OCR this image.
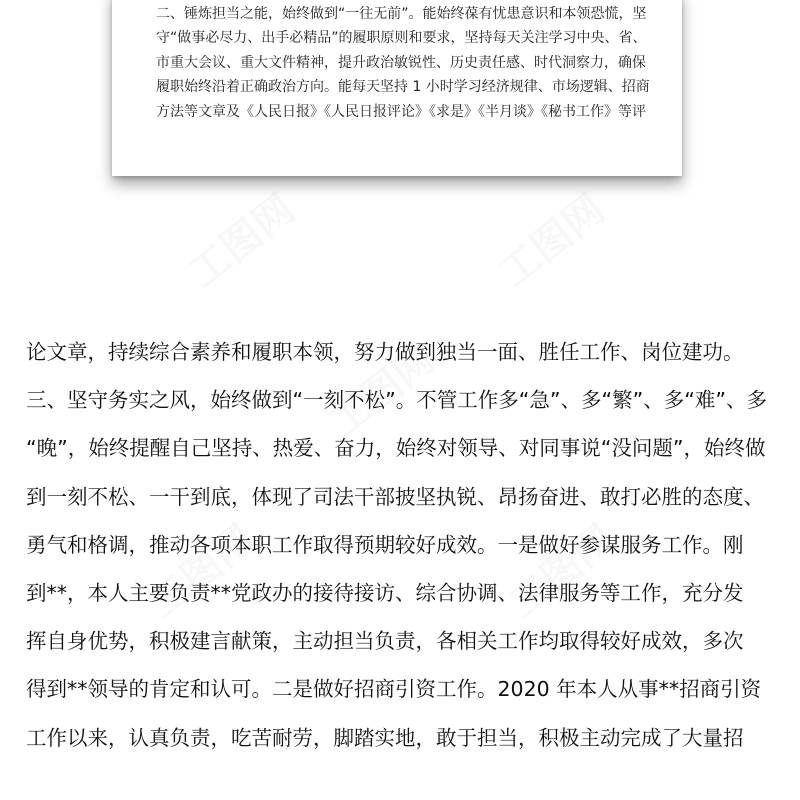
工图网	工图网
工图网
工图网	工图网

二、锤炼担当之能，始终做到“一往无前”。能始终葆有忧患意识和本领恐慌，坚
守“做事必尽力、出手必精品”的履职原则和要求，坚持每天关注学习中央、省、
市重大会议、重大文件精神，提升政治敏锐性、历史责任感、时代洞察力，确保
履职始终沿着正确政治方向。能每天坚持 1 小时学习经济规律、市场逻辑、招商
方法等文章及《人民日报》《人民日报评论》《求是》《半月谈》《秘书工作》等评

论文章，持续综合素养和履职本领，努力做到独当一面、胜任工作、岗位建功。
三、坚守务实之风，始终做到“一刻不松”。不管工作多“急”、多“繁”、多“难”、多
“晚”，始终提醒自己坚持、热爱、奋力，始终对领导、对同事说“没问题”，始终做
到一刻不松、一干到底，体现了司法干部披坚执锐、昂扬奋进、敢打必胜的态度、
勇气和格调，推动各项本职工作取得预期较好成效。一是做好参谋服务工作。刚
到**，本人主要负责**党政办的接待接访、综合协调、法律服务等工作，充分发
挥自身优势，积极建言献策，主动担当负责，各相关工作均取得较好成效，多次
得到**领导的肯定和认可。二是做好招商引资工作。2020 年本人从事**招商引资
工作以来，认真负责，吃苦耐劳，脚踏实地，敢于担当，积极主动完成了大量招
